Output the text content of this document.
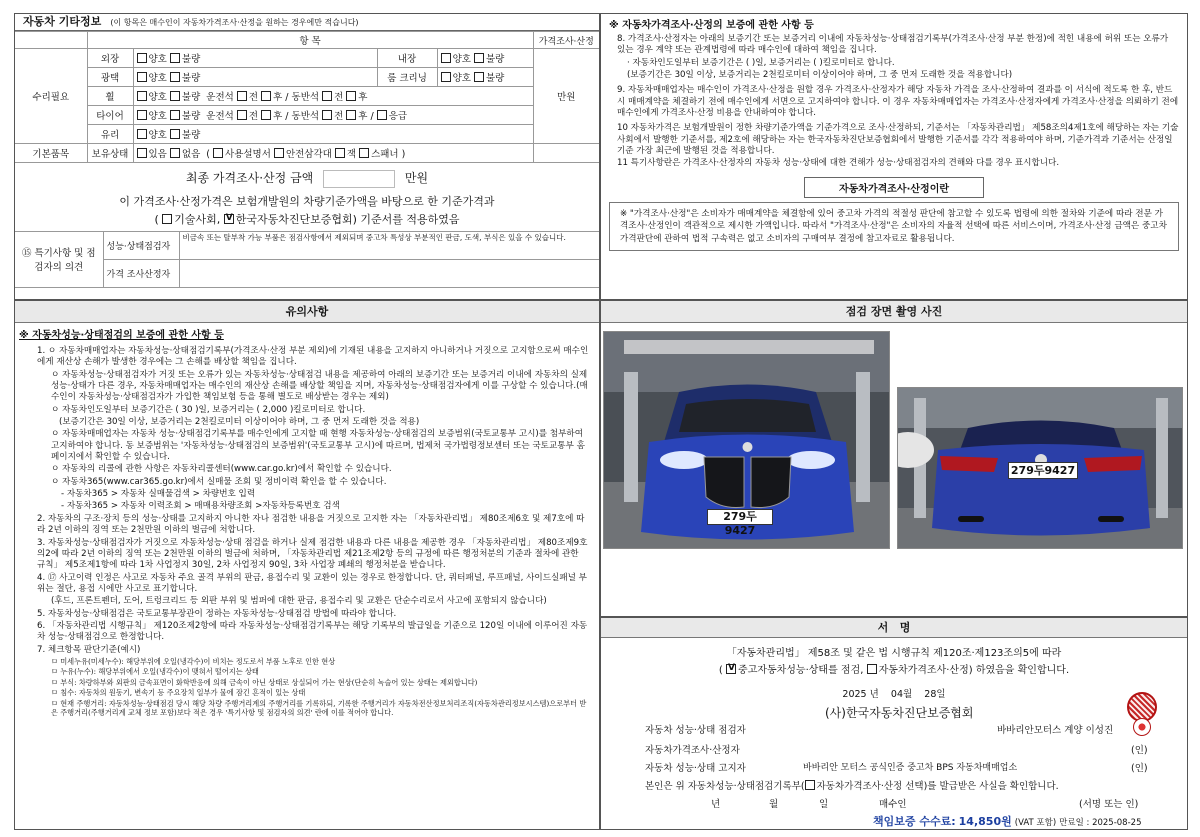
자동차 기타정보 (이 항목은 매수인이 자동차가격조사·산정을 원하는 경우에만 적습니다)
	항 목				가격조사·산정
수리필요	외장	양호 불량	내장	양호 불량	만원
	광택	양호 불량	룸 크리닝	양호 불량	
	휠	양호 불량 운전석 전 후 / 동반석 전 후			
	타이어	양호 불량 운전석 전 후 / 동반석 전 후 / 응급			
	유리	양호 불량			
기본품목	보유상태	있음 없음  ( 사용설명서 안전삼각대 잭 스패너 )			
최종 가격조사·산정 금액	만원
이 가격조사·산정가격은 보험개발원의 차량기준가액을 바탕으로 한 기준가격과
( 기술사회, V 한국자동차진단보증협회) 기준서를 적용하였음
⑮ 특기사항 및 점검자의 의견	성능·상태점검자	비금속 또는 탈부착 가능 부품은 점검사항에서 제외되며 중고차 특성상 부분적인 판금, 도색, 부식은 있을 수 있습니다.
	가격 조사산정자	
※ 자동차가격조사·산정의 보증에 관한 사항 등

8. 가격조사·산정자는 아래의 보증기간 또는 보증거리 이내에 자동차성능·상태점검기록부(가격조사·산정 부분 한정)에 적힌 내용에 허위 또는 오류가 있는 경우 계약 또는 관계법령에 따라 매수인에 대하여 책임을 집니다.

· 자동차인도일부터 보증기간은 ( )일, 보증거리는 ( )킬로미터로 합니다.

(보증기간은 30일 이상, 보증거리는 2천킬로미터 이상이어야 하며, 그 중 먼저 도래한 것을 적용합니다)

9. 자동차매매업자는 매수인이 가격조사·산정을 원할 경우 가격조사·산정자가 해당 자동차 가격을 조사·산정하여 결과를 이 서식에 적도록 한 후, 반드시 매매계약을 체결하기 전에 매수인에게 서면으로 고지하여야 합니다. 이 경우 자동차매매업자는 가격조사·산정자에게 가격조사·산정을 의뢰하기 전에 매수인에게 가격조사·산정 비용을 안내하여야 합니다.

10 자동차가격은 보험개발원이 정한 차량기준가액을 기준가격으로 조사·산정하되, 기준서는 「자동차관리법」 제58조의4제1호에 해당하는 자는 기술사회에서 발행한 기준서를, 제2호에 해당하는 자는 한국자동차진단보증협회에서 발행한 기준서를 각각 적용하여야 하며, 기준가격과 기준서는 산정일 기준 가장 최근에 발행된 것을 적용합니다.

11 특기사항란은 가격조사·산정자의 자동차 성능·상태에 대한 견해가 성능·상태점검자의 견해와 다를 경우 표시합니다.

자동차가격조사·산정이란
※ "가격조사·산정"은 소비자가 매매계약을 체결함에 있어 중고차 가격의 적절성 판단에 참고할 수 있도록 법령에 의한 절차와 기준에 따라 전문 가격조사·산정인이 객관적으로 제시한 가액입니다. 따라서 "가격조사·산정"은 소비자의 자율적 선택에 따른 서비스이며, 가격조사·산정 금액은 중고차 가격판단에 관하여 법적 구속력은 없고 소비자의 구매여부 결정에 참고자료로 활용됩니다.
유의사항
※ 자동차성능·상태점검의 보증에 관한 사항 등

1. ㅇ 자동차매매업자는 자동차성능·상태점검기록부(가격조사·산정 부분 제외)에 기재된 내용을 고지하지 아니하거나 거짓으로 고지함으로써 매수인에게 재산상 손해가 발생한 경우에는 그 손해를 배상할 책임을 집니다.

ㅇ 자동차성능·상태점검자가 거짓 또는 오류가 있는 자동차성능·상태점검 내용을 제공하여 아래의 보증기간 또는 보증거리 이내에 자동차의 실제 성능·상태가 다른 경우, 자동차매매업자는 매수인의 재산상 손해를 배상할 책임을 지며, 자동차성능·상태점검자에게 이를 구상할 수 있습니다.(매수인이 자동차성능·상태점검자가 가입한 책임보험 등을 통해 별도로 배상받는 경우는 제외)

ㅇ 자동차인도일부터 보증기간은 ( 30 )일, 보증거리는 ( 2,000 )킬로미터로 합니다.

(보증기간은 30일 이상, 보증거리는 2천킬로미터 이상이어야 하며, 그 중 먼저 도래한 것을 적용)

ㅇ 자동차매매업자는 자동차 성능·상태점검기록부를 매수인에게 고지할 때 현행 자동차성능·상태점검의 보증범위(국토교통부 고시)를 첨부하여 고지하여야 합니다. 동 보증범위는 '자동차성능·상태점검의 보증범위'(국토교통부 고시)에 따르며, 법제처 국가법령정보센터 또는 국토교통부 홈페이지에서 확인할 수 있습니다.

ㅇ 자동차의 리콜에 관한 사항은 자동차리콜센터(www.car.go.kr)에서 확인할 수 있습니다.

ㅇ 자동차365(www.car365.go.kr)에서 실매물 조회 및 정비이력 확인을 할 수 있습니다.

- 자동차365 > 자동차 실매물검색 > 차량번호 입력

- 자동차365 > 자동차 이력조회 > 매매용차량조회 >자동차등록번호 검색

2. 자동차의 구조·장치 등의 성능·상태를 고지하지 아니한 자나 점검한 내용을 거짓으로 고지한 자는 「자동차관리법」 제80조제6호 및 제7호에 따라 2년 이하의 징역 또는 2천만원 이하의 벌금에 처합니다.

3. 자동차성능·상태점검자가 거짓으로 자동차성능·상태 점검을 하거나 실제 점검한 내용과 다른 내용을 제공한 경우 「자동차관리법」 제80조제9호의2에 따라 2년 이하의 징역 또는 2천만원 이하의 벌금에 처하며, 「자동차관리법 제21조제2항 등의 규정에 따른 행정처분의 기준과 절차에 관한 규칙」 제5조제1항에 따라 1차 사업정지 30일, 2차 사업정지 90일, 3차 사업장 폐쇄의 행정처분을 받습니다.

4. ⑰ 사고이력 인정은 사고로 자동차 주요 골격 부위의 판금, 용접수리 및 교환이 있는 경우로 한정합니다. 단, 쿼터패널, 루프패널, 사이드실패널 부위는 절단, 용접 시에만 사고로 표기합니다.

(후드, 프론트펜더, 도어, 트렁크리드 등 외판 부위 및 범퍼에 대한 판금, 용접수리 및 교환은 단순수리로서 사고에 포함되지 않습니다)

5. 자동차성능·상태점검은 국토교통부장관이 정하는 자동차성능·상태점검 방법에 따라야 합니다.

6. 「자동차관리법 시행규칙」 제120조제2항에 따라 자동차성능·상태점검기록부는 해당 기록부의 발급일을 기준으로 120일 이내에 이루어진 자동차 성능·상태점검으로 한정합니다.

7. 체크항목 판단기준(예시)

ㅁ 미세누유(미세누수): 해당부위에 오일(냉각수)이 비치는 정도로서 부품 노후로 인한 현상

ㅁ 누유(누수): 해당부위에서 오일(냉각수)이 맺혀서 떨어지는 상태

ㅁ 부식: 차량하부와 외판의 금속표면이 화학반응에 의해 금속이 아닌 상태로 상실되어 가는 현상(단순히 녹슬어 있는 상태는 제외합니다)

ㅁ 침수: 자동차의 원동기, 변속기 등 주요장치 일부가 물에 잠긴 흔적이 있는 상태

ㅁ 현재 주행거리: 자동차성능·상태점검 당시 해당 차량 주행거리계의 주행거리를 기록하되, 기록한 주행거리가 자동차전산정보처리조직(자동차관리정보시스템)으로부터 받은 주행거리(주행거리계 교체 정보 포함)보다 적은 경우 '특기사항 및 점검자의 의견' 란에 이를 적어야 합니다.

점검 장면 촬영 사진
279두9427
279두9427
서   명
「자동차관리법」 제58조 및 같은 법 시행규칙 제120조·제123조의5에 따라
( V중고자동차성능·상태를 점검, 자동차가격조사·산정) 하였음을 확인합니다.
2025 년 04월 28일
(사)한국자동차진단보증협회
자동차 성능·상태 점검자	바바리안모터스 계양 이성진
자동차가격조사·산정자	(인)
자동차 성능·상태 고지자	바바리안 모터스 공식인증 중고차 BPS 자동차매매업소	(인)
본인은 위 자동차성능·상태점검기록부( 자동차가격조사·산정 선택)를 발급받은 사실을 확인합니다.
년	월	일	매수인	(서명 또는 인)
책임보증 수수료: 14,850원 (VAT 포함) 만료일 : 2025-08-25
